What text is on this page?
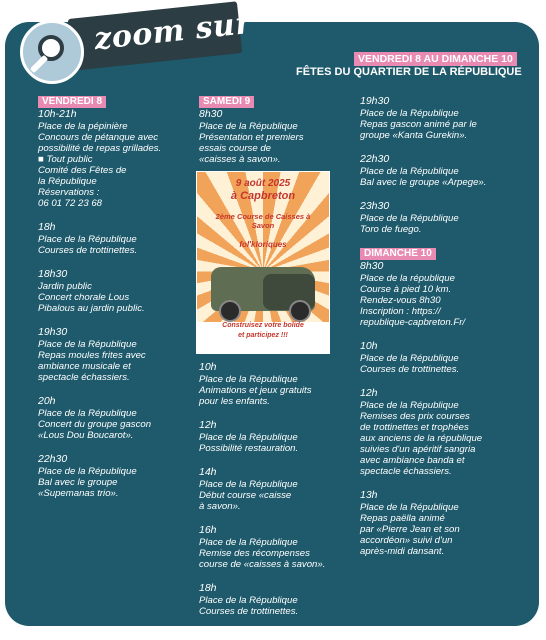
zoom sur
VENDREDI 8 AU DIMANCHE 10
FÊTES DU QUARTIER DE LA RÉPUBLIQUE
VENDREDI 8
10h-21h
Place de la pépinière
Concours de pétanque avec
possibilité de repas grillades.
■ Tout public
Comité des Fêtes de
la République
Réservations :
06 01 72 23 68
18h
Place de la République
Courses de trottinettes.
18h30
Jardin public
Concert chorale Lous
Pibalous au jardin public.
19h30
Place de la République
Repas moules frites avec
ambiance musicale et
spectacle échassiers.
20h
Place de la République
Concert du groupe gascon
«Lous Dou Boucarot».
22h30
Place de la République
Bal avec le groupe
«Supemanas trio».
SAMEDI 9
8h30
Place de la République
Présentation et premiers
essais course de
«caisses à savon».
9 août 2025
à Capbreton
2ème Course de Caisses à Savon
fol'kloriques
Construisez votre bolide
et participez !!!
10h
Place de la République
Animations et jeux gratuits
pour les enfants.
12h
Place de la République
Possibilité restauration.
14h
Place de la République
Début course «caisse
à savon».
16h
Place de la République
Remise des récompenses
course de «caisses à savon».
18h
Place de la République
Courses de trottinettes.
19h30
Place de la République
Repas gascon animé par le
groupe «Kanta Gurekin».
22h30
Place de la République
Bal avec le groupe «Arpege».
23h30
Place de la République
Toro de fuego.
DIMANCHE 10
8h30
Place de la république
Course à pied 10 km.
Rendez-vous 8h30
Inscription : https://
republique-capbreton.Fr/
10h
Place de la République
Courses de trottinettes.
12h
Place de la République
Remises des prix courses
de trottinettes et trophées
aux anciens de la république
suivies d'un apéritif sangria
avec ambiance banda et
spectacle échassiers.
13h
Place de la République
Repas paëlla animé
par «Pierre Jean et son
accordéon» suivi d'un
après-midi dansant.
